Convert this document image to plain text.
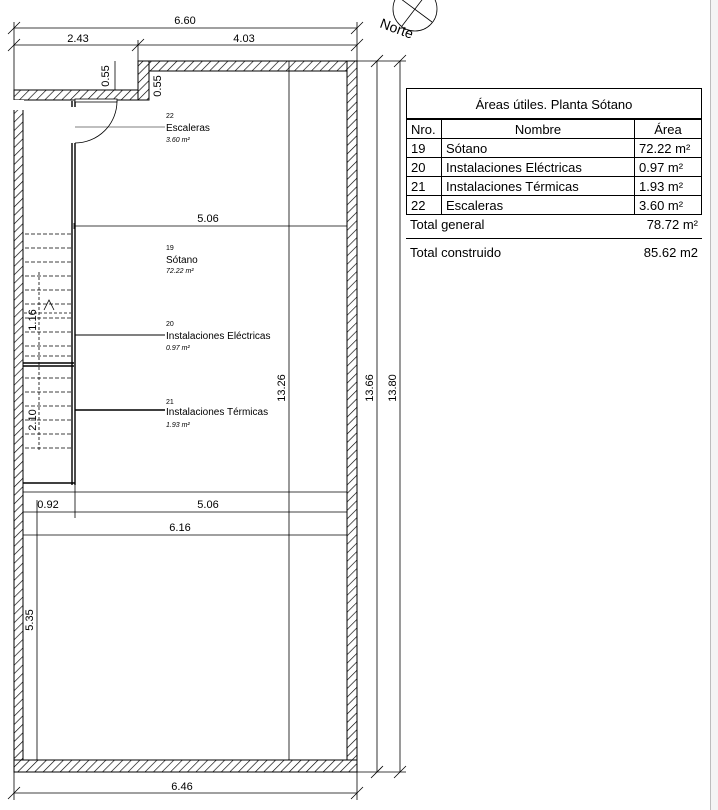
Norte
6.60
2.43	4.03
0.55	0.55
5.06
1.16
2.10
13.26	13.66 13.80
0.92	5.06
6.16
5.35
6.46
22
Escaleras
3.60 m²
19
Sótano
72.22 m²
20
Instalaciones Eléctricas
0.97 m²
21
Instalaciones Térmicas
1.93 m²
Áreas útiles. Planta Sótano
Nro.	Nombre	Área
19	Sótano	72.22 m²
20	Instalaciones Eléctricas	0.97 m²
21	Instalaciones Térmicas	1.93 m²
22	Escaleras	3.60 m²
Total general	78.72 m²
Total construido	85.62 m2
